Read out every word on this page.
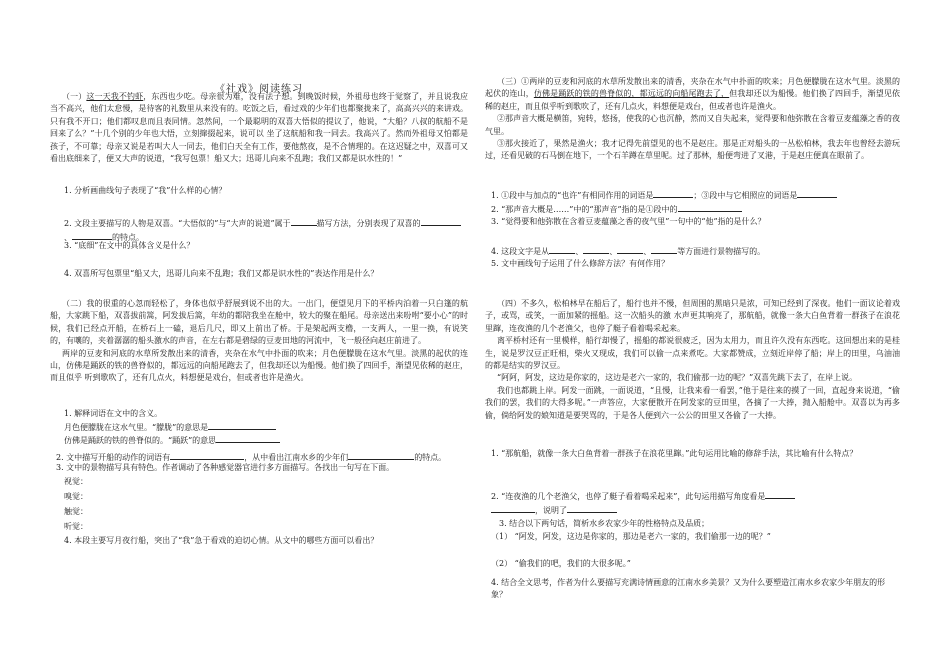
《社戏》阅读练习

（一）这一天我不钓虾，东西也少吃。母亲很为难，没有法子想。到晚饭时候，外祖母也终于觉察了，并且说我应当不高兴，他们太怠慢，是待客的礼数里从来没有的。吃饭之后，看过戏的少年们也都聚拢来了，高高兴兴的来讲戏。只有我不开口；他们都叹息而且表同情。忽然间，一个最聪明的双喜大悟似的提议了，他说，“大船？八叔的航船不是回来了么？”十几个别的少年也大悟，立刻撺掇起来，说可以 坐了这航船和我一同去。我高兴了。然而外祖母又怕都是孩子，不可靠；母亲又说是若叫大人一同去，他们白天全有工作，要他熬夜，是不合情理的。在这迟疑之中，双喜可又看出底细来了，便又大声的说道，“我写包票！船又大；迅哥儿向来不乱跑；我们又都是识水性的！”

1. 分析画曲线句子表现了“我”什么样的心情？
2. 文段主要描写的人物是双喜。“大悟似的”与“大声的说道”属于	描写方法，分别表现了双喜的、	的特点。
3. “底细”在文中的具体含义是什么？
4. 双喜所写包票里“船又大，迅哥儿向来不乱跑；我们又都是识水性的”表达作用是什么？

（二）我的很重的心忽而轻松了，身体也似乎舒展到说不出的大。一出门，便望见月下的平桥内泊着一只白篷的航船，大家跳下船，双喜拔前篙，阿发拔后篙，年幼的都陪我坐在舱中，较大的聚在船尾。母亲送出来吩咐“要小心”的时候，我们已经点开船，在桥石上一磕，退后几尺，即又上前出了桥。于是架起两支橹，一支两人，一里一换，有说笑的，有嚷的，夹着潺潺的船头激水的声音，在左右都是碧绿的豆麦田地的河流中，飞一般径向赵庄前进了。

两岸的豆麦和河底的水草所发散出来的清香，夹杂在水气中扑面的吹来；月色便朦胧在这水气里。淡黑的起伏的连山，仿佛是踊跃的铁的兽脊似的，都远远的向船尾跑去了，但我却还以为船慢。他们换了四回手，渐望见依稀的赵庄，而且似乎 听到歌吹了，还有几点火，料想便是戏台，但或者也许是渔火。

1. 解释词语在文中的含义。
月色便朦胧在这水气里。“朦胧”的意思是
仿佛是踊跃的铁的兽脊似的。“踊跃”的意思
2. 文中描写开船的动作的词语有	，从中看出江南水乡的少年们	的特点。
3. 文中的景物描写具有特色。作者调动了各种感觉器官进行多方面描写。各找出一句写在下面。
视觉：
嗅觉：
触觉：
听觉：
4. 本段主要写月夜行船，突出了“我”急于看戏的迫切心情。从文中的哪些方面可以看出？

（三）①两岸的豆麦和河底的水草所发散出来的清香，夹杂在水气中扑面的吹来；月色便朦胧在这水气里。淡黑的起伏的连山，仿佛是踊跃的铁的兽脊似的，都远远的向船尾跑去了，但我却还以为船慢。他们换了四回手，渐望见依稀的赵庄，而且似乎听到歌吹了，还有几点火，料想便是戏台，但或者也许是渔火。

②那声音大概是横笛，宛转，悠扬，使我的心也沉静，然而又自失起来，觉得要和他弥散在含着豆麦蕴藻之香的夜气里。

③那火接近了，果然是渔火；我才记得先前望见的也不是赵庄。那是正对船头的一丛松柏林，我去年也曾经去游玩过，还看见破的石马倒在地下，一个石羊蹲在草里呢。过了那林，船便弯进了叉港，于是赵庄便真在眼前了。

1. ①段中与加点的“也许”有相同作用的词语是	；③段中与它相照应的词语是
2. “那声音大概是……”中的“那声音”指的是①段中的
3. “觉得要和他弥散在含着豆麦蕴藻之香的夜气里”一句中的“他”指的是什么？
4. 这段文字是从	、	、	、	等方面进行景物描写的。
5. 文中画线句子运用了什么修辞方法？有何作用？

（四）不多久，松柏林早在船后了，船行也并不慢，但周围的黑暗只是浓，可知已经到了深夜。他们一面议论着戏子，或骂，或笑，一面加紧的摇船。这一次船头的激 水声更其响亮了，那航船，就像一条大白鱼背着一群孩子在浪花里蹿，连夜渔的几个老渔父，也停了艇子看着喝采起来。

离平桥村还有一里模样，船行却慢了，摇船的都说很疲乏，因为太用力，而且许久没有东西吃。这回想出来的是桂生，说是罗汉豆正旺相，柴火又现成，我们可以偷一点来煮吃。大家都赞成，立刻近岸停了船；岸上的田里，乌油油的都是结实的罗汉豆。

“阿阿，阿发，这边是你家的，这边是老六一家的，我们偷那一边的呢？”双喜先跳下去了，在岸上说。

我们也都跳上岸。阿发一面跳，一面说道，“且慢，让我来看一看罢，”他于是往来的摸了一回，直起身来说道，“偷我们的罢，我们的大得多呢。”一声答应，大家便散开在阿发家的豆田里，各摘了一大捧，抛入船舱中。双喜以为再多偷，倘给阿发的娘知道是要哭骂的，于是各人便到六一公公的田里又各偷了一大捧。

1. “那航船，就像一条大白鱼背着一群孩子在浪花里蹿。”此句运用比喻的修辞手法，其比喻有什么特点？
2. “连夜渔的几个老渔父，也停了艇子看着喝采起来”，此句运用描写角度看是
，说明了
3. 结合以下两句话，简析水乡农家少年的性格特点及品质；
（1） “阿发，阿发，这边是你家的，那边是老六一家的，我们偷那一边的呢？”
（2） “偷我们的吧，我们的大很多呢。”
4. 结合全文思考，作者为什么要描写充满诗情画意的江南水乡美景？又为什么要塑造江南水乡农家少年朋友的形象？
